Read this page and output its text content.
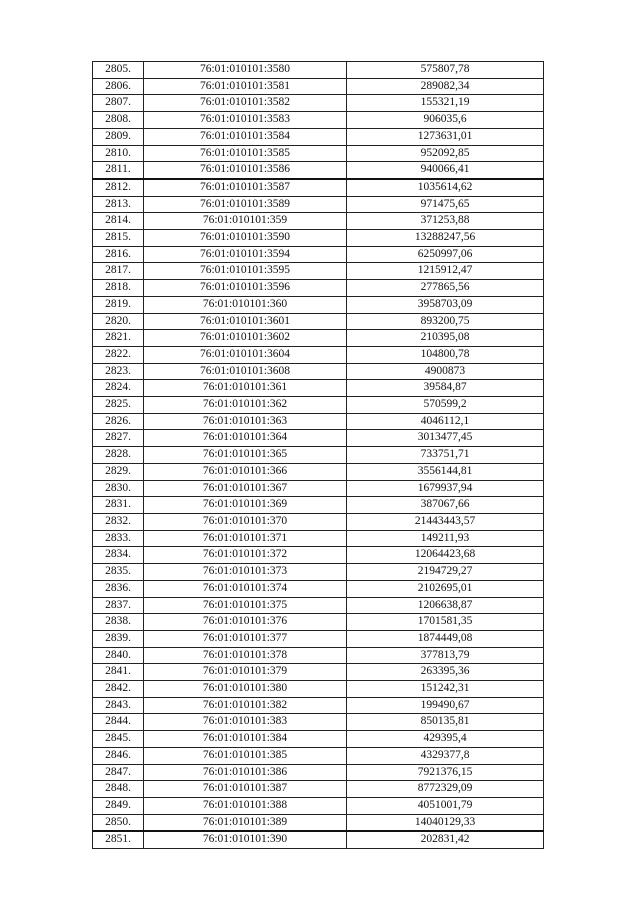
2805.	76:01:010101:3580	575807,78
2806.	76:01:010101:3581	289082,34
2807.	76:01:010101:3582	155321,19
2808.	76:01:010101:3583	906035,6
2809.	76:01:010101:3584	1273631,01
2810.	76:01:010101:3585	952092,85
2811.	76:01:010101:3586	940066,41
2812.	76:01:010101:3587	1035614,62
2813.	76:01:010101:3589	971475,65
2814.	76:01:010101:359	371253,88
2815.	76:01:010101:3590	13288247,56
2816.	76:01:010101:3594	6250997,06
2817.	76:01:010101:3595	1215912,47
2818.	76:01:010101:3596	277865,56
2819.	76:01:010101:360	3958703,09
2820.	76:01:010101:3601	893200,75
2821.	76:01:010101:3602	210395,08
2822.	76:01:010101:3604	104800,78
2823.	76:01:010101:3608	4900873
2824.	76:01:010101:361	39584,87
2825.	76:01:010101:362	570599,2
2826.	76:01:010101:363	4046112,1
2827.	76:01:010101:364	3013477,45
2828.	76:01:010101:365	733751,71
2829.	76:01:010101:366	3556144,81
2830.	76:01:010101:367	1679937,94
2831.	76:01:010101:369	387067,66
2832.	76:01:010101:370	21443443,57
2833.	76:01:010101:371	149211,93
2834.	76:01:010101:372	12064423,68
2835.	76:01:010101:373	2194729,27
2836.	76:01:010101:374	2102695,01
2837.	76:01:010101:375	1206638,87
2838.	76:01:010101:376	1701581,35
2839.	76:01:010101:377	1874449,08
2840.	76:01:010101:378	377813,79
2841.	76:01:010101:379	263395,36
2842.	76:01:010101:380	151242,31
2843.	76:01:010101:382	199490,67
2844.	76:01:010101:383	850135,81
2845.	76:01:010101:384	429395,4
2846.	76:01:010101:385	4329377,8
2847.	76:01:010101:386	7921376,15
2848.	76:01:010101:387	8772329,09
2849.	76:01:010101:388	4051001,79
2850.	76:01:010101:389	14040129,33
2851.	76:01:010101:390	202831,42
